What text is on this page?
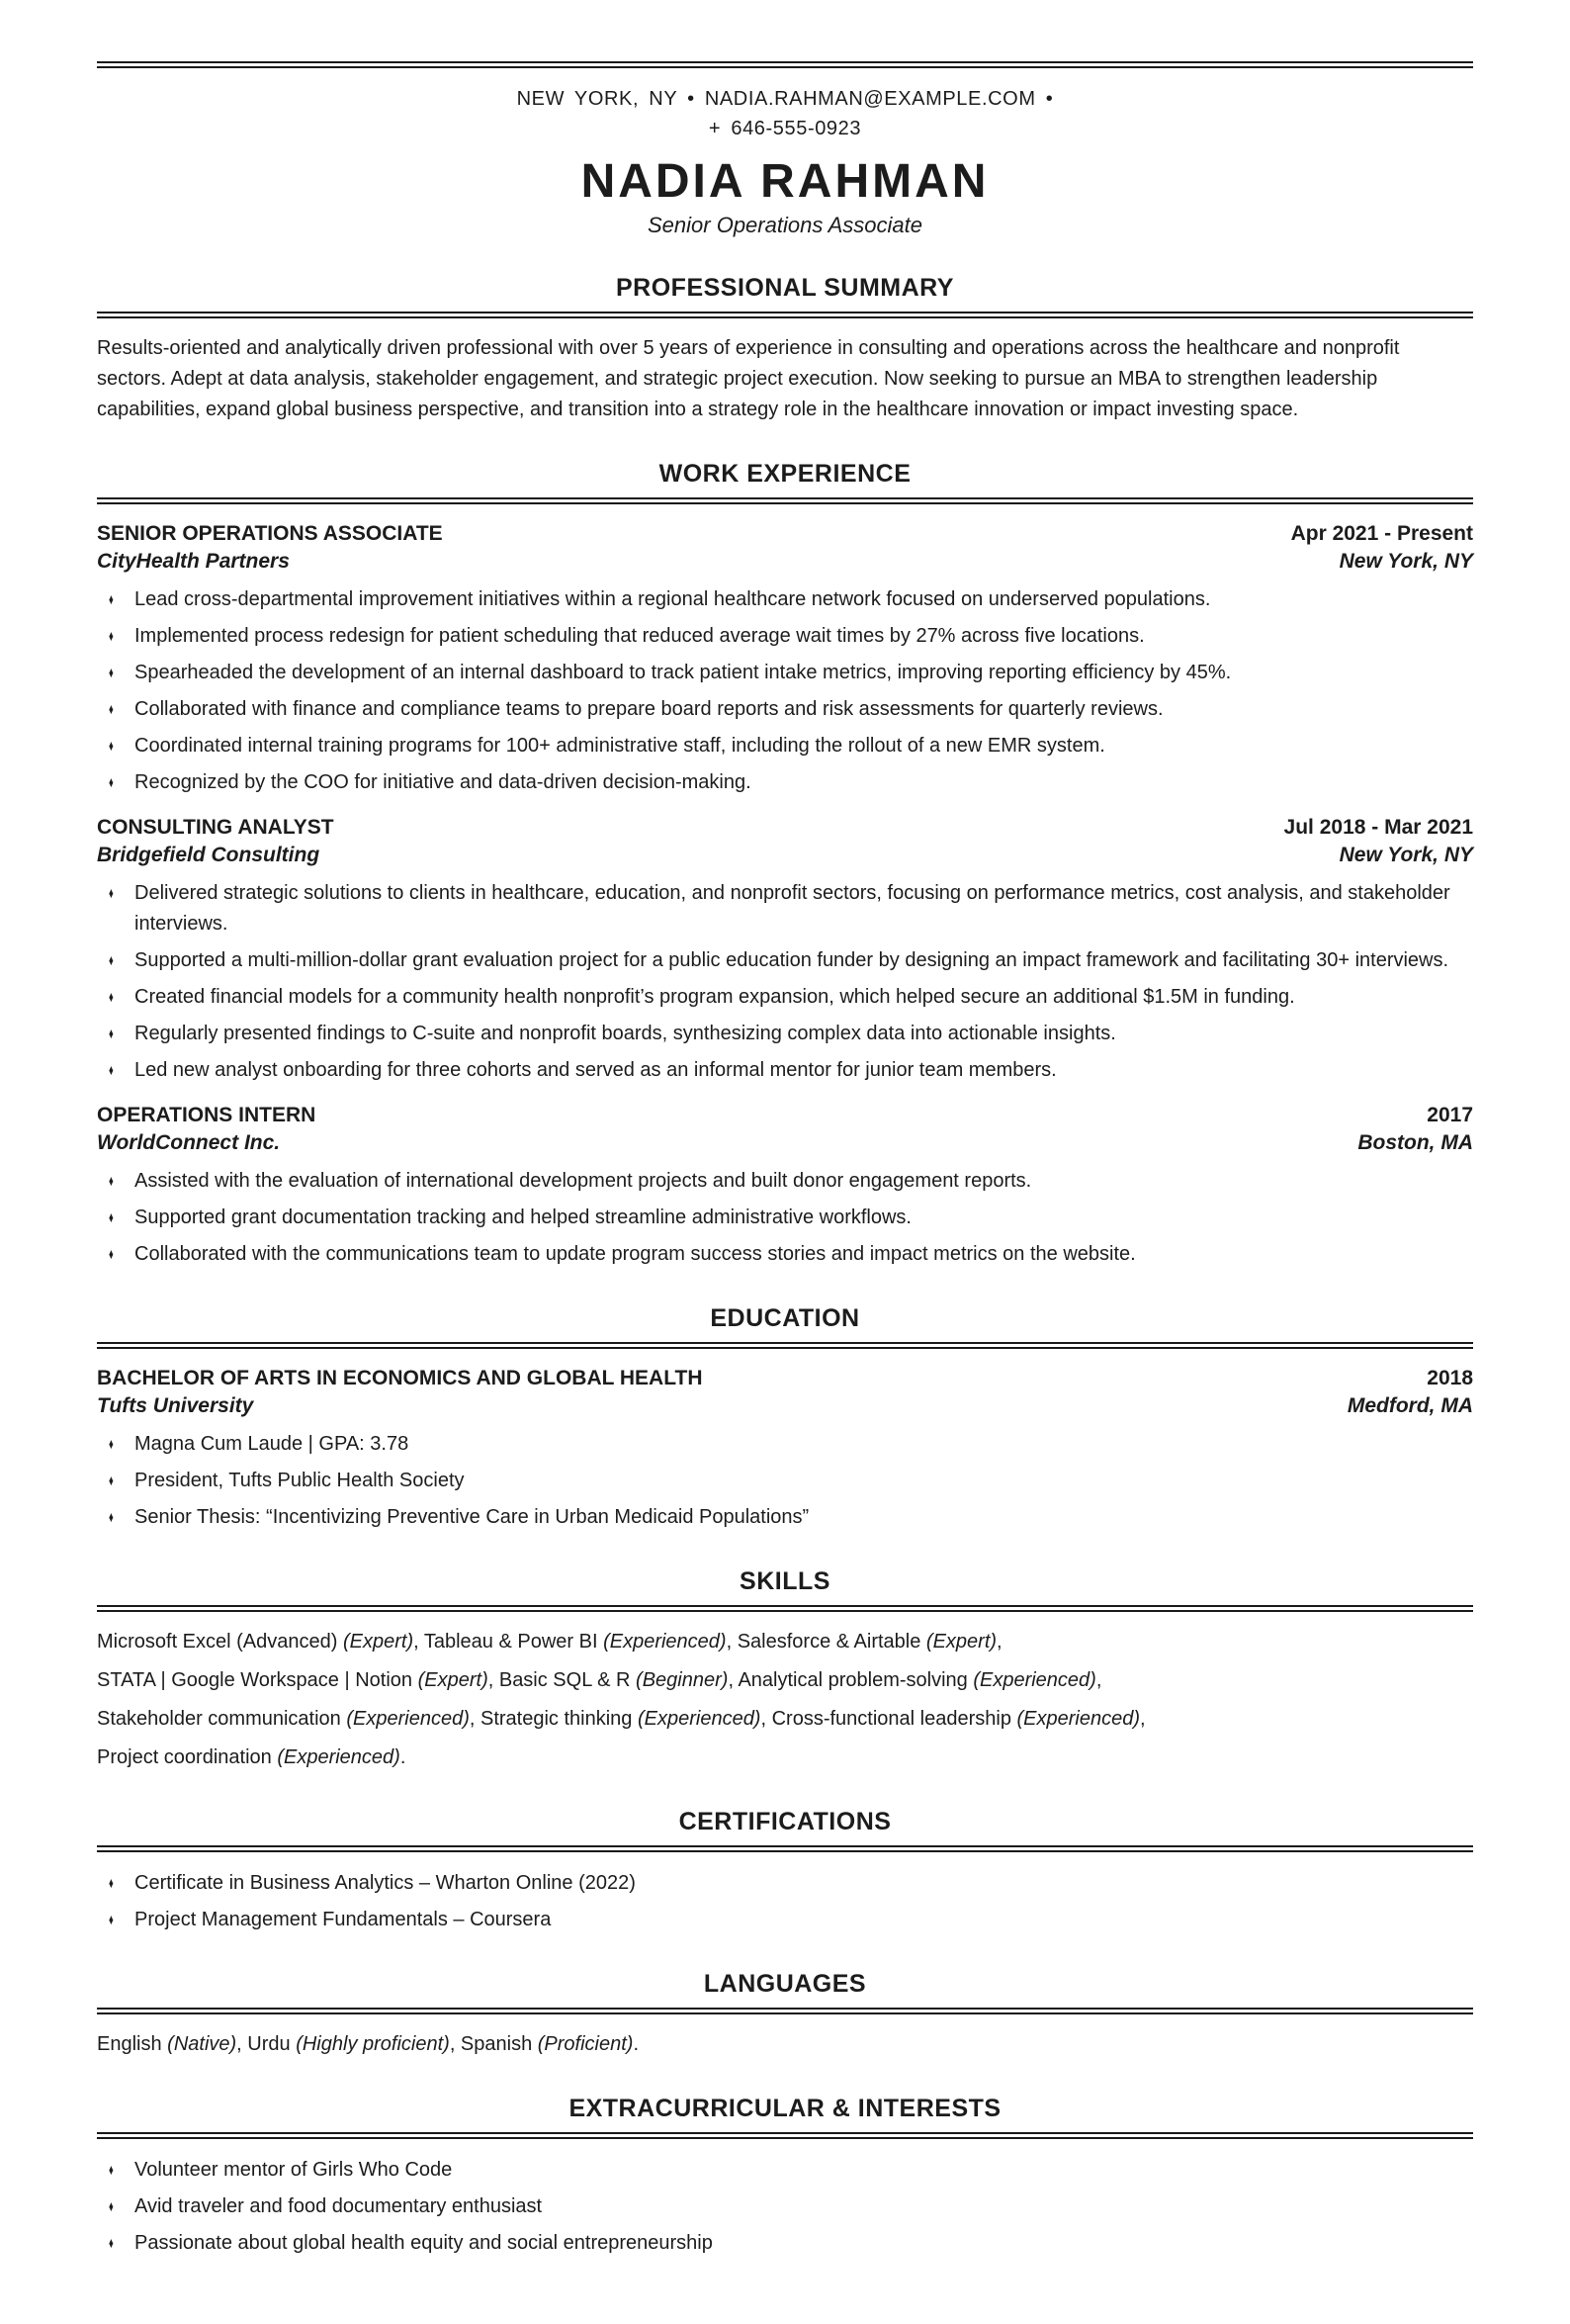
NEW YORK, NY • NADIA.RAHMAN@EXAMPLE.COM •
+ 646-555-0923
NADIA RAHMAN
Senior Operations Associate
PROFESSIONAL SUMMARY

Results-oriented and analytically driven professional with over 5 years of experience in consulting and operations across the healthcare and nonprofit sectors. Adept at data analysis, stakeholder engagement, and strategic project execution. Now seeking to pursue an MBA to strengthen leadership capabilities, expand global business perspective, and transition into a strategy role in the healthcare innovation or impact investing space.

WORK EXPERIENCE
SENIOR OPERATIONS ASSOCIATE	Apr 2021 - Present
CityHealth Partners	New York, NY
♦ Lead cross-departmental improvement initiatives within a regional healthcare network focused on underserved populations.
♦ Implemented process redesign for patient scheduling that reduced average wait times by 27% across five locations.
♦ Spearheaded the development of an internal dashboard to track patient intake metrics, improving reporting efficiency by 45%.
♦ Collaborated with finance and compliance teams to prepare board reports and risk assessments for quarterly reviews.
♦ Coordinated internal training programs for 100+ administrative staff, including the rollout of a new EMR system.
♦ Recognized by the COO for initiative and data-driven decision-making.
CONSULTING ANALYST	Jul 2018 - Mar 2021
Bridgefield Consulting	New York, NY
♦ Delivered strategic solutions to clients in healthcare, education, and nonprofit sectors, focusing on performance metrics, cost analysis, and stakeholder interviews.
♦ Supported a multi-million-dollar grant evaluation project for a public education funder by designing an impact framework and facilitating 30+ interviews.
♦ Created financial models for a community health nonprofit’s program expansion, which helped secure an additional $1.5M in funding.
♦ Regularly presented findings to C-suite and nonprofit boards, synthesizing complex data into actionable insights.
♦ Led new analyst onboarding for three cohorts and served as an informal mentor for junior team members.
OPERATIONS INTERN	2017
WorldConnect Inc.	Boston, MA
♦ Assisted with the evaluation of international development projects and built donor engagement reports.
♦ Supported grant documentation tracking and helped streamline administrative workflows.
♦ Collaborated with the communications team to update program success stories and impact metrics on the website.
EDUCATION
BACHELOR OF ARTS IN ECONOMICS AND GLOBAL HEALTH	2018
Tufts University	Medford, MA
♦ Magna Cum Laude | GPA: 3.78
♦ President, Tufts Public Health Society
♦ Senior Thesis: “Incentivizing Preventive Care in Urban Medicaid Populations”
SKILLS

Microsoft Excel (Advanced) (Expert), Tableau & Power BI (Experienced), Salesforce & Airtable (Expert),

STATA | Google Workspace | Notion (Expert), Basic SQL & R (Beginner), Analytical problem-solving (Experienced),

Stakeholder communication (Experienced), Strategic thinking (Experienced), Cross-functional leadership (Experienced),

Project coordination (Experienced).

CERTIFICATIONS
♦ Certificate in Business Analytics – Wharton Online (2022)
♦ Project Management Fundamentals – Coursera
LANGUAGES

English (Native), Urdu (Highly proficient), Spanish (Proficient).

EXTRACURRICULAR & INTERESTS
♦ Volunteer mentor of Girls Who Code
♦ Avid traveler and food documentary enthusiast
♦ Passionate about global health equity and social entrepreneurship
